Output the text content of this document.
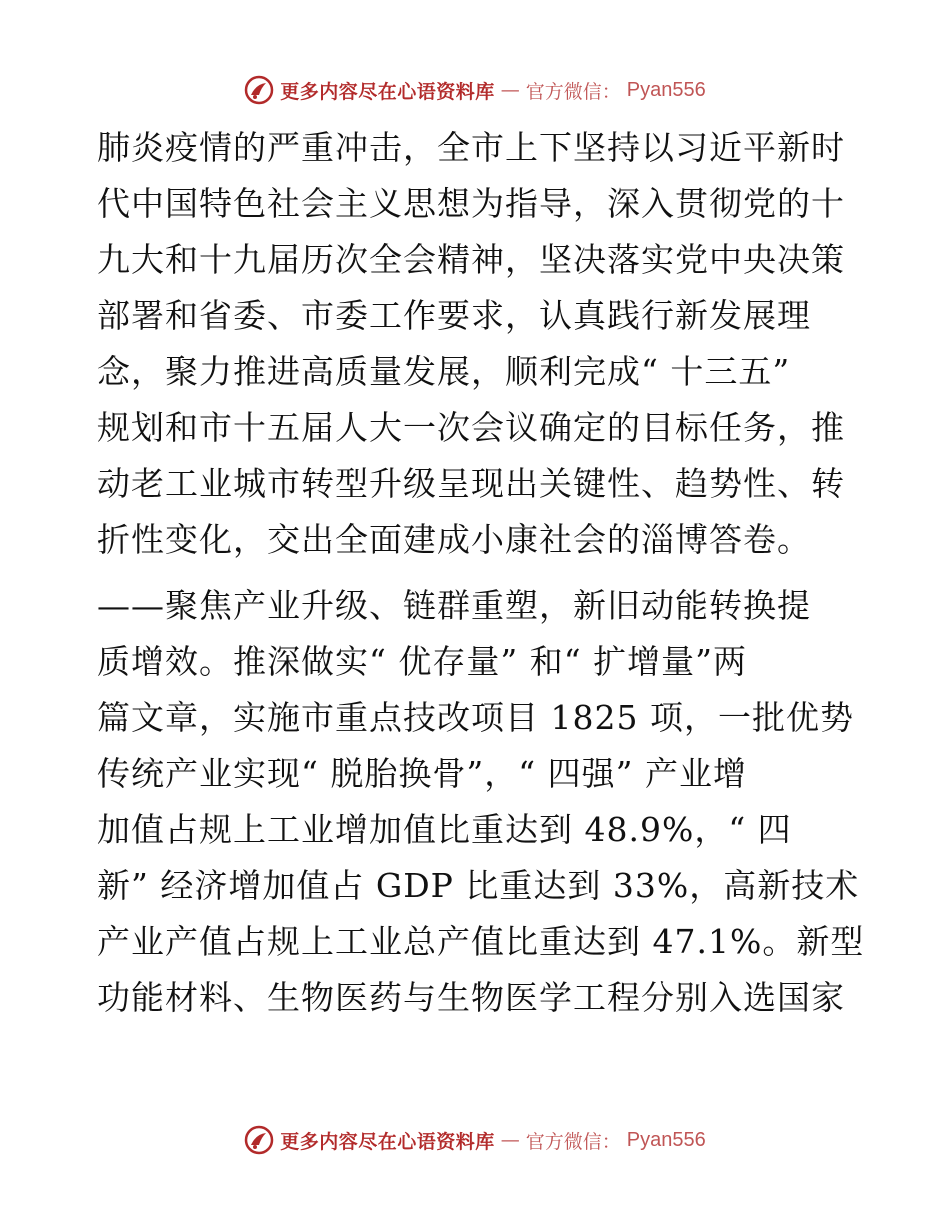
更多内容尽在心语资料库 — 官方微信： Pyan556
肺炎疫情的严重冲击，全市上下坚持以习近平新时
代中国特色社会主义思想为指导，深入贯彻党的十
九大和十九届历次全会精神，坚决落实党中央决策
部署和省委、市委工作要求，认真践行新发展理
念，聚力推进高质量发展，顺利完成“ 十三五”
规划和市十五届人大一次会议确定的目标任务，推
动老工业城市转型升级呈现出关键性、趋势性、转
折性变化，交出全面建成小康社会的淄博答卷。
——聚焦产业升级、链群重塑，新旧动能转换提
质增效。推深做实“ 优存量” 和“ 扩增量”两
篇文章，实施市重点技改项目 1825 项，一批优势
传统产业实现“ 脱胎换骨”，“ 四强” 产业增
加值占规上工业增加值比重达到 48.9%，“ 四
新” 经济增加值占 GDP 比重达到 33%，高新技术
产业产值占规上工业总产值比重达到 47.1%。新型
功能材料、生物医药与生物医学工程分别入选国家
更多内容尽在心语资料库 — 官方微信： Pyan556
